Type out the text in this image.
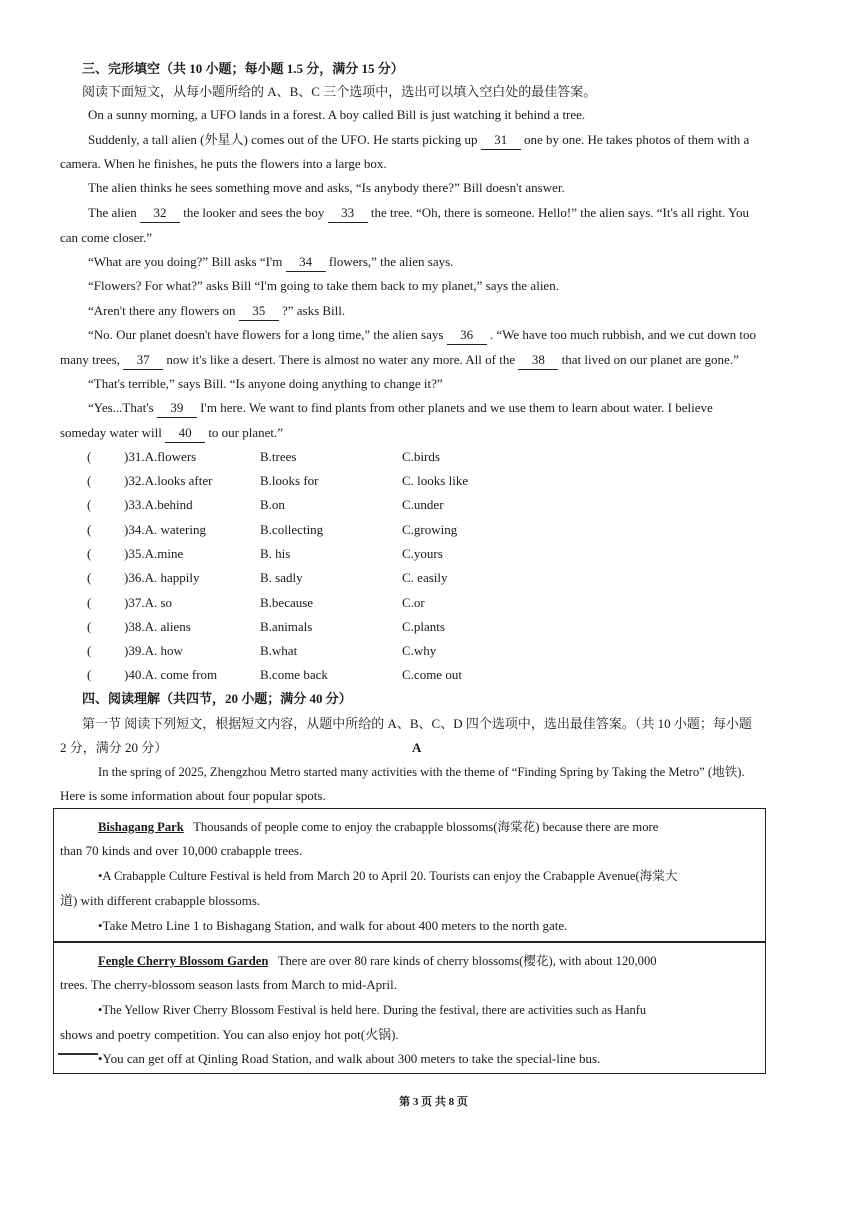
三、完形填空（共 10 小题；每小题 1.5 分，满分 15 分）
阅读下面短文，从每小题所给的 A、B、C 三个选项中，选出可以填入空白处的最佳答案。
On a sunny morning, a UFO lands in a forest. A boy called Bill is just watching it behind a tree.
Suddenly, a tall alien (外星人) comes out of the UFO. He starts picking up 31 one by one. He takes photos of them with a
camera. When he finishes, he puts the flowers into a large box.
The alien thinks he sees something move and asks, “Is anybody there?” Bill doesn't answer.
The alien 32 the looker and sees the boy 33 the tree. “Oh, there is someone. Hello!” the alien says. “It's all right. You
can come closer.”
“What are you doing?” Bill asks “I'm 34 flowers,” the alien says.
“Flowers? For what?” asks Bill “I'm going to take them back to my planet,” says the alien.
“Aren't there any flowers on 35 ?” asks Bill.
“No. Our planet doesn't have flowers for a long time,” the alien says 36 . “We have too much rubbish, and we cut down too
many trees, 37 now it's like a desert. There is almost no water any more. All of the 38 that lived on our planet are gone.”
“That's terrible,” says Bill. “Is anyone doing anything to change it?”
“Yes...That's 39 I'm here. We want to find plants from other planets and we use them to learn about water. I believe
someday water will 40 to our planet.”
(	)31.A.flowers	B.trees	C.birds
(	)32.A.looks after	B.looks for	C. looks like
(	)33.A.behind	B.on	C.under
(	)34.A. watering	B.collecting	C.growing
(	)35.A.mine	B. his	C.yours
(	)36.A. happily	B. sadly	C. easily
(	)37.A. so	B.because	C.or
(	)38.A. aliens	B.animals	C.plants
(	)39.A. how	B.what	C.why
(	)40.A. come from	B.come back	C.come out
四、阅读理解（共四节，20 小题；满分 40 分）
第一节 阅读下列短文，根据短文内容，从题中所给的 A、B、C、D 四个选项中，选出最佳答案。（共 10 小题；每小题
2 分，满分 20 分）	A
In the spring of 2025, Zhengzhou Metro started many activities with the theme of “Finding Spring by Taking the Metro” (地铁).
Here is some information about four popular spots.
Bishagang Park Thousands of people come to enjoy the crabapple blossoms(海棠花) because there are more
than 70 kinds and over 10,000 crabapple trees.
•A Crabapple Culture Festival is held from March 20 to April 20. Tourists can enjoy the Crabapple Avenue(海棠大
道) with different crabapple blossoms.
•Take Metro Line 1 to Bishagang Station, and walk for about 400 meters to the north gate.
Fengle Cherry Blossom Garden There are over 80 rare kinds of cherry blossoms(樱花), with about 120,000
trees. The cherry-blossom season lasts from March to mid-April.
•The Yellow River Cherry Blossom Festival is held here. During the festival, there are activities such as Hanfu
shows and poetry competition. You can also enjoy hot pot(火锅).
•You can get off at Qinling Road Station, and walk about 300 meters to take the special-line bus.
第 3 页 共 8 页
